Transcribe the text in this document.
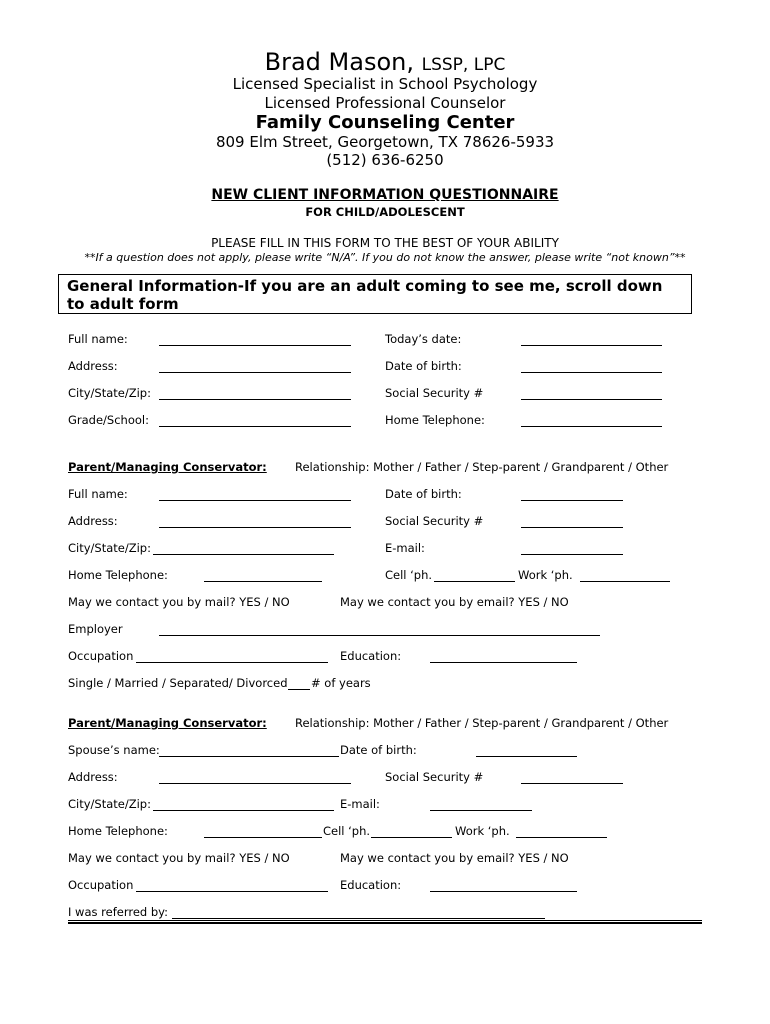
Brad Mason, LSSP, LPC
Licensed Specialist in School Psychology
Licensed Professional Counselor
Family Counseling Center
809 Elm Street, Georgetown, TX 78626-5933
(512) 636-6250
NEW CLIENT INFORMATION QUESTIONNAIRE
FOR CHILD/ADOLESCENT
PLEASE FILL IN THIS FORM TO THE BEST OF YOUR ABILITY
**If a question does not apply, please write “N/A”. If you do not know the answer, please write “not known”**
General Information-If you are an adult coming to see me, scroll down to adult form
Full name:	Today’s date:
Address:	Date of birth:
City/State/Zip:	Social Security #
Grade/School:	Home Telephone:
Parent/Managing Conservator: Relationship: Mother / Father / Step-parent / Grandparent / Other
Full name:	Date of birth:
Address:	Social Security #
City/State/Zip:	E-mail:
Home Telephone:	Cell ‘ph.	Work ‘ph.
May we contact you by mail? YES / NO	May we contact you by email? YES / NO
Employer
Occupation	Education:
Single / Married / Separated/ Divorced # of years
Parent/Managing Conservator: Relationship: Mother / Father / Step-parent / Grandparent / Other
Spouse’s name:	Date of birth:
Address:	Social Security #
City/State/Zip:	E-mail:
Home Telephone:	Cell ‘ph.	Work ‘ph.
May we contact you by mail? YES / NO	May we contact you by email? YES / NO
Occupation	Education:
I was referred by:
